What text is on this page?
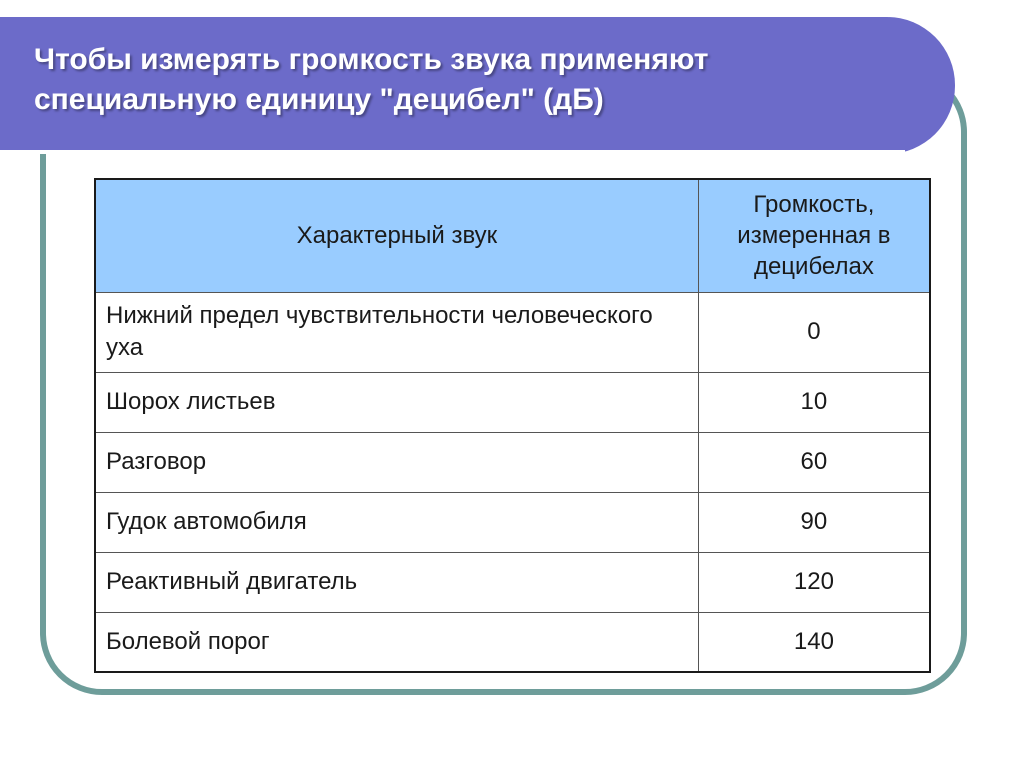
Чтобы измерять громкость звука применяют специальную единицу "децибел" (дБ)
Характерный звук	Громкость, измеренная в децибелах
Нижний предел чувствительности человеческого уха	0
Шорох листьев	10
Разговор	60
Гудок автомобиля	90
Реактивный двигатель	120
Болевой порог	140
